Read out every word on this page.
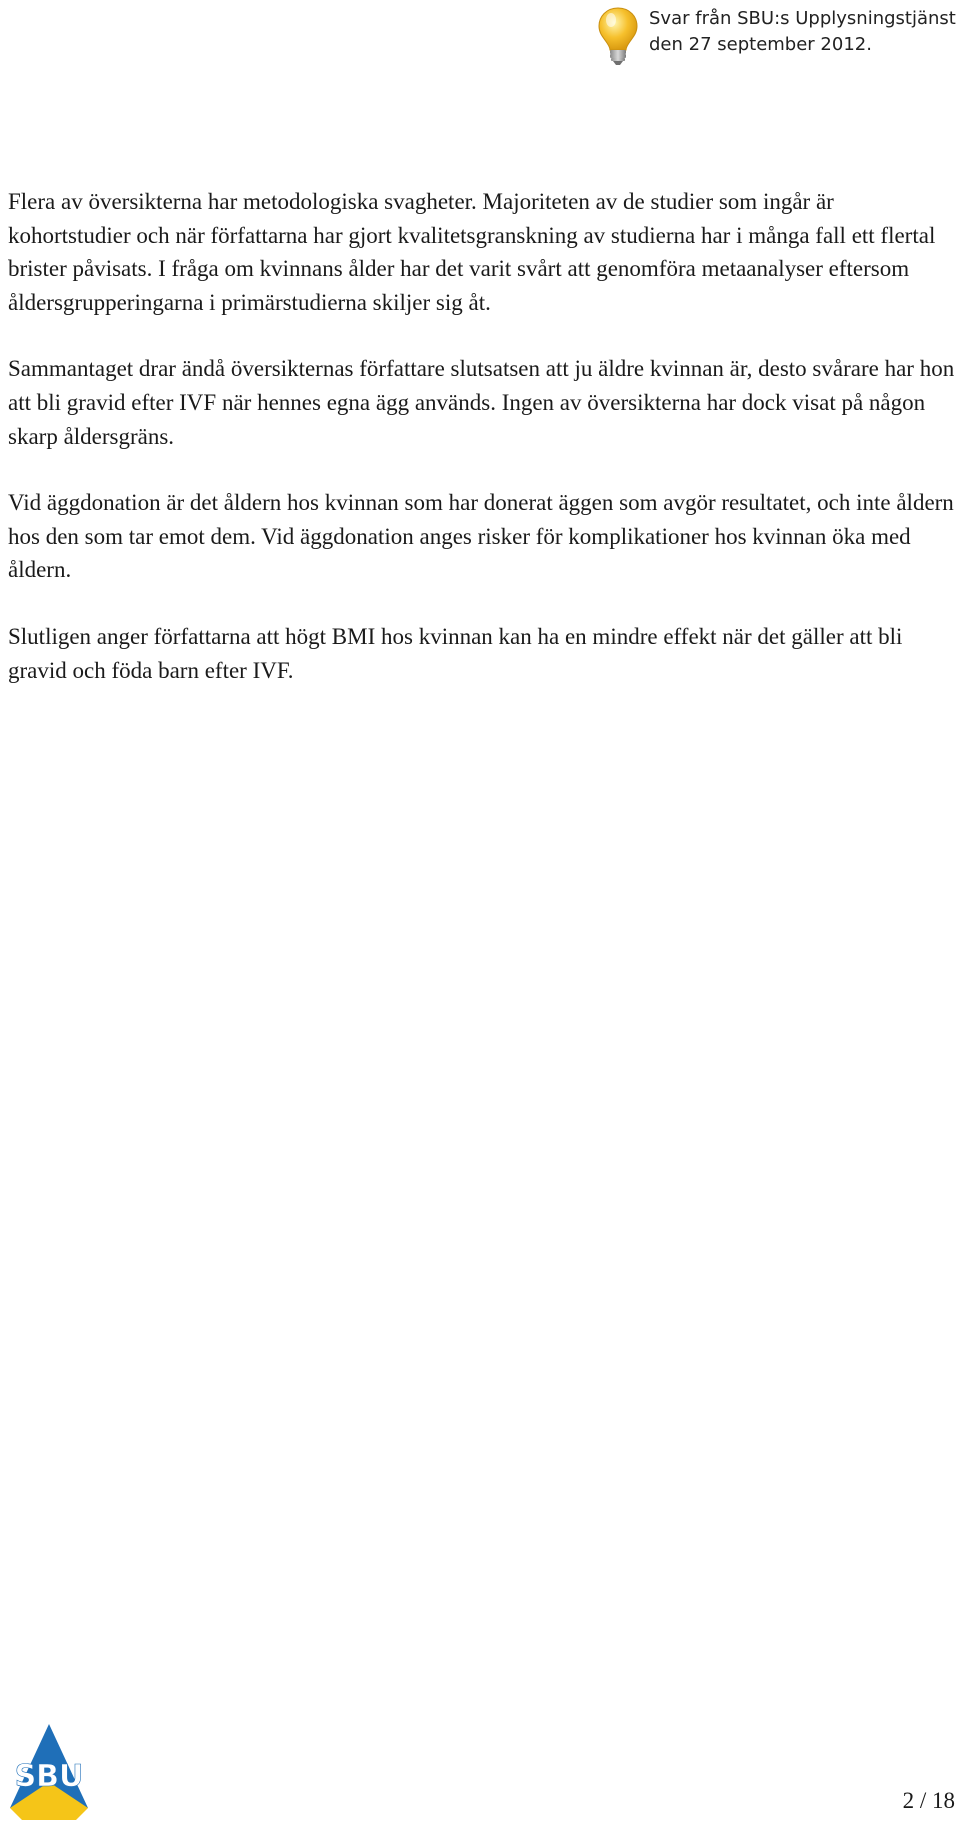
Svar från SBU:s Upplysningstjänst
den 27 september 2012.

Flera av översikterna har metodologiska svagheter. Majoriteten av de studier som ingår är kohortstudier och när författarna har gjort kvalitetsgranskning av studierna har i många fall ett flertal brister påvisats. I fråga om kvinnans ålder har det varit svårt att genomföra metaanalyser eftersom åldersgrupperingarna i primärstudierna skiljer sig åt.

Sammantaget drar ändå översikternas författare slutsatsen att ju äldre kvinnan är, desto svårare har hon att bli gravid efter IVF när hennes egna ägg används. Ingen av översikterna har dock visat på någon skarp åldersgräns.

Vid äggdonation är det åldern hos kvinnan som har donerat äggen som avgör resultatet, och inte åldern hos den som tar emot dem. Vid äggdonation anges risker för komplikationer hos kvinnan öka med åldern.

Slutligen anger författarna att högt BMI hos kvinnan kan ha en mindre effekt när det gäller att bli gravid och föda barn efter IVF.

SBU
2 / 18
